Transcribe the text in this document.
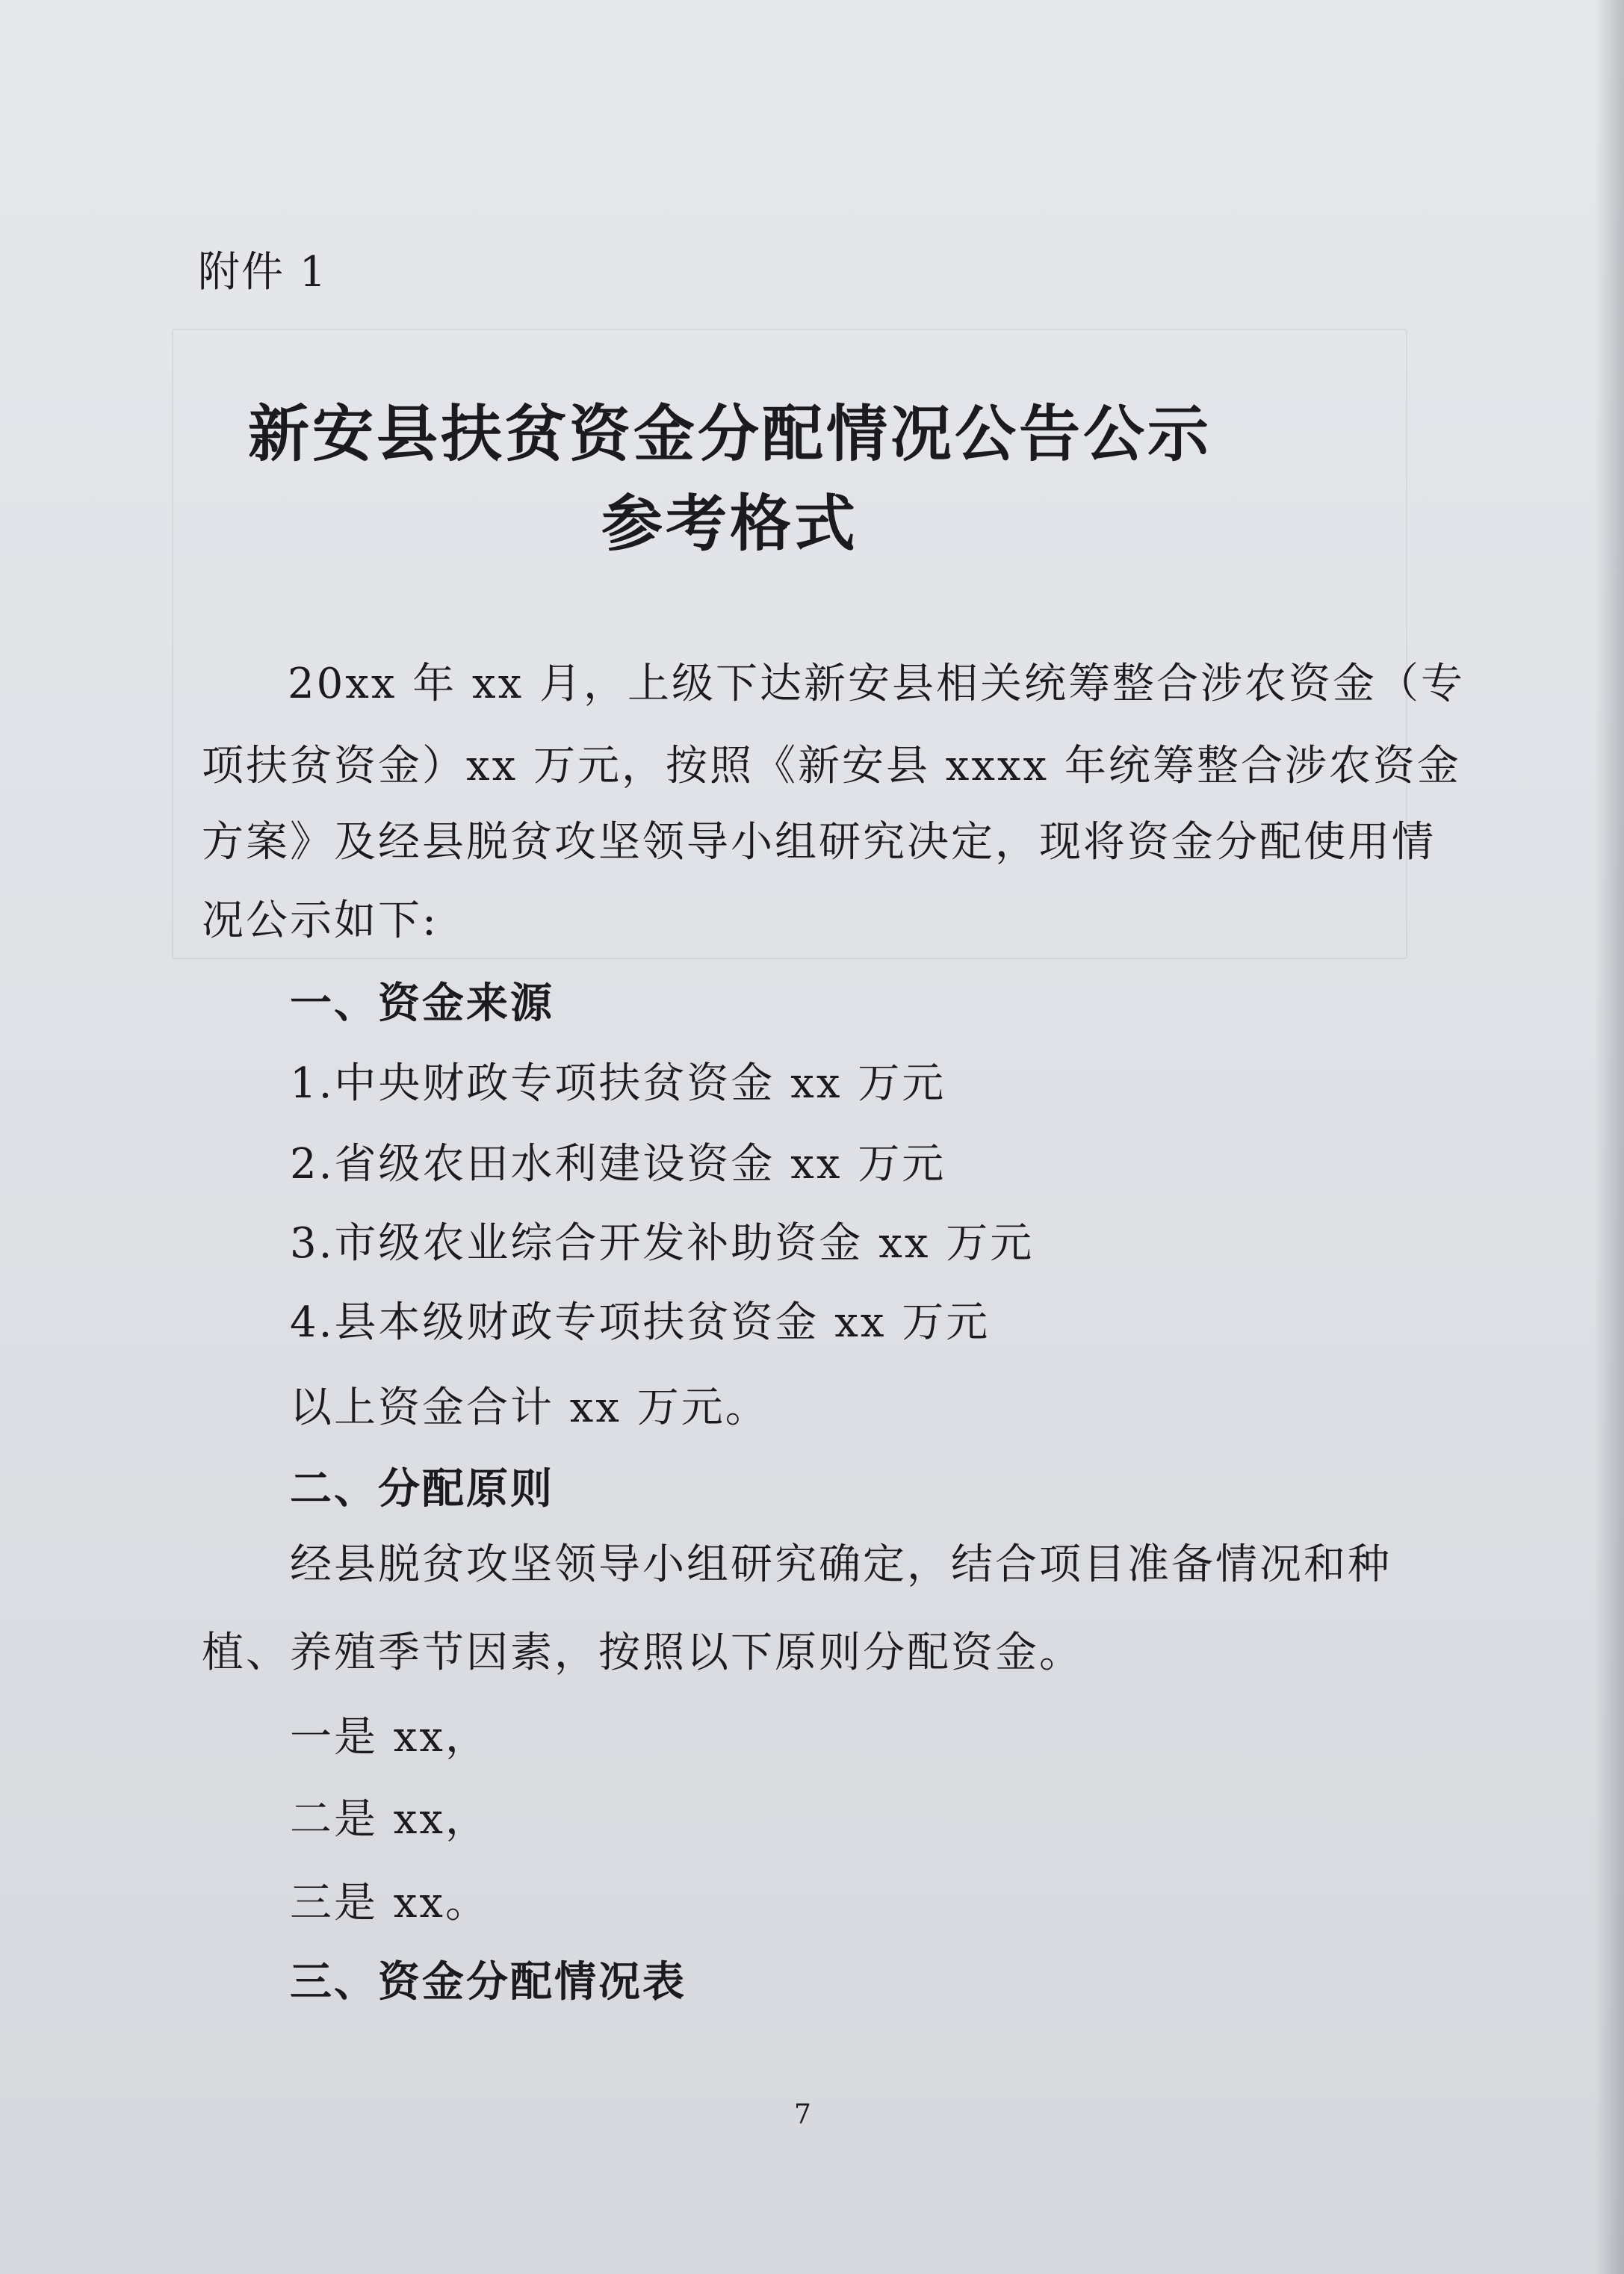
附件 1
新安县扶贫资金分配情况公告公示
参考格式
20xx 年 xx 月，上级下达新安县相关统筹整合涉农资金（专
项扶贫资金）xx 万元，按照《新安县 xxxx 年统筹整合涉农资金
方案》及经县脱贫攻坚领导小组研究决定，现将资金分配使用情
况公示如下:
一、资金来源
1.中央财政专项扶贫资金 xx 万元
2.省级农田水利建设资金 xx 万元
3.市级农业综合开发补助资金 xx 万元
4.县本级财政专项扶贫资金 xx 万元
以上资金合计 xx 万元。
二、分配原则
经县脱贫攻坚领导小组研究确定，结合项目准备情况和种
植、养殖季节因素，按照以下原则分配资金。
一是 xx，
二是 xx，
三是 xx。
三、资金分配情况表
7
